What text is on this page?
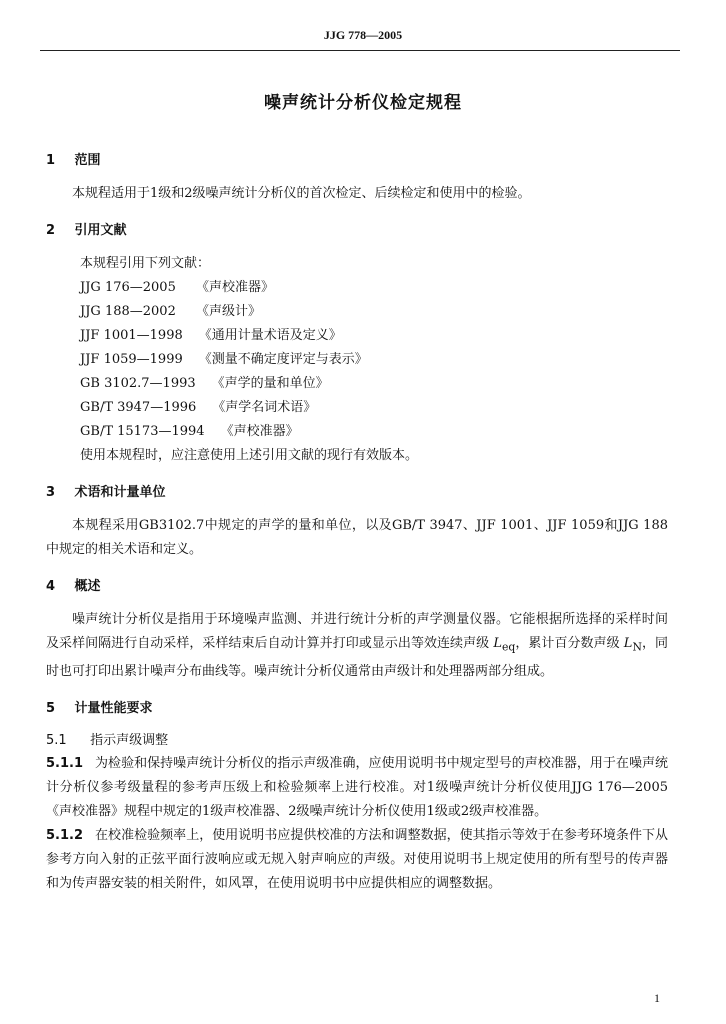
JJG 778—2005
噪声统计分析仪检定规程
1 范围

本规程适用于1级和2级噪声统计分析仪的首次检定、后续检定和使用中的检验。

2 引用文献
本规程引用下列文献：
JJG 176—2005 《声校准器》
JJG 188—2002 《声级计》
JJF 1001—1998 《通用计量术语及定义》
JJF 1059—1999 《测量不确定度评定与表示》
GB 3102.7—1993 《声学的量和单位》
GB/T 3947—1996 《声学名词术语》
GB/T 15173—1994 《声校准器》
使用本规程时，应注意使用上述引用文献的现行有效版本。
3 术语和计量单位

本规程采用GB3102.7中规定的声学的量和单位，以及GB/T 3947、JJF 1001、JJF 1059和JJG 188中规定的相关术语和定义。

4 概述

噪声统计分析仪是指用于环境噪声监测、并进行统计分析的声学测量仪器。它能根据所选择的采样时间及采样间隔进行自动采样，采样结束后自动计算并打印或显示出等效连续声级 $L_{eq}$，累计百分数声级 $L_N$，同时也可打印出累计噪声分布曲线等。噪声统计分析仪通常由声级计和处理器两部分组成。

5 计量性能要求
5.1 指示声级调整

5.1.1 为检验和保持噪声统计分析仪的指示声级准确，应使用说明书中规定型号的声校准器，用于在噪声统计分析仪参考级量程的参考声压级上和检验频率上进行校准。对1级噪声统计分析仪使用JJG 176—2005《声校准器》规程中规定的1级声校准器、2级噪声统计分析仪使用1级或2级声校准器。

5.1.2 在校准检验频率上，使用说明书应提供校准的方法和调整数据，使其指示等效于在参考环境条件下从参考方向入射的正弦平面行波响应或无规入射声响应的声级。对使用说明书上规定使用的所有型号的传声器和为传声器安装的相关附件，如风罩，在使用说明书中应提供相应的调整数据。

1
